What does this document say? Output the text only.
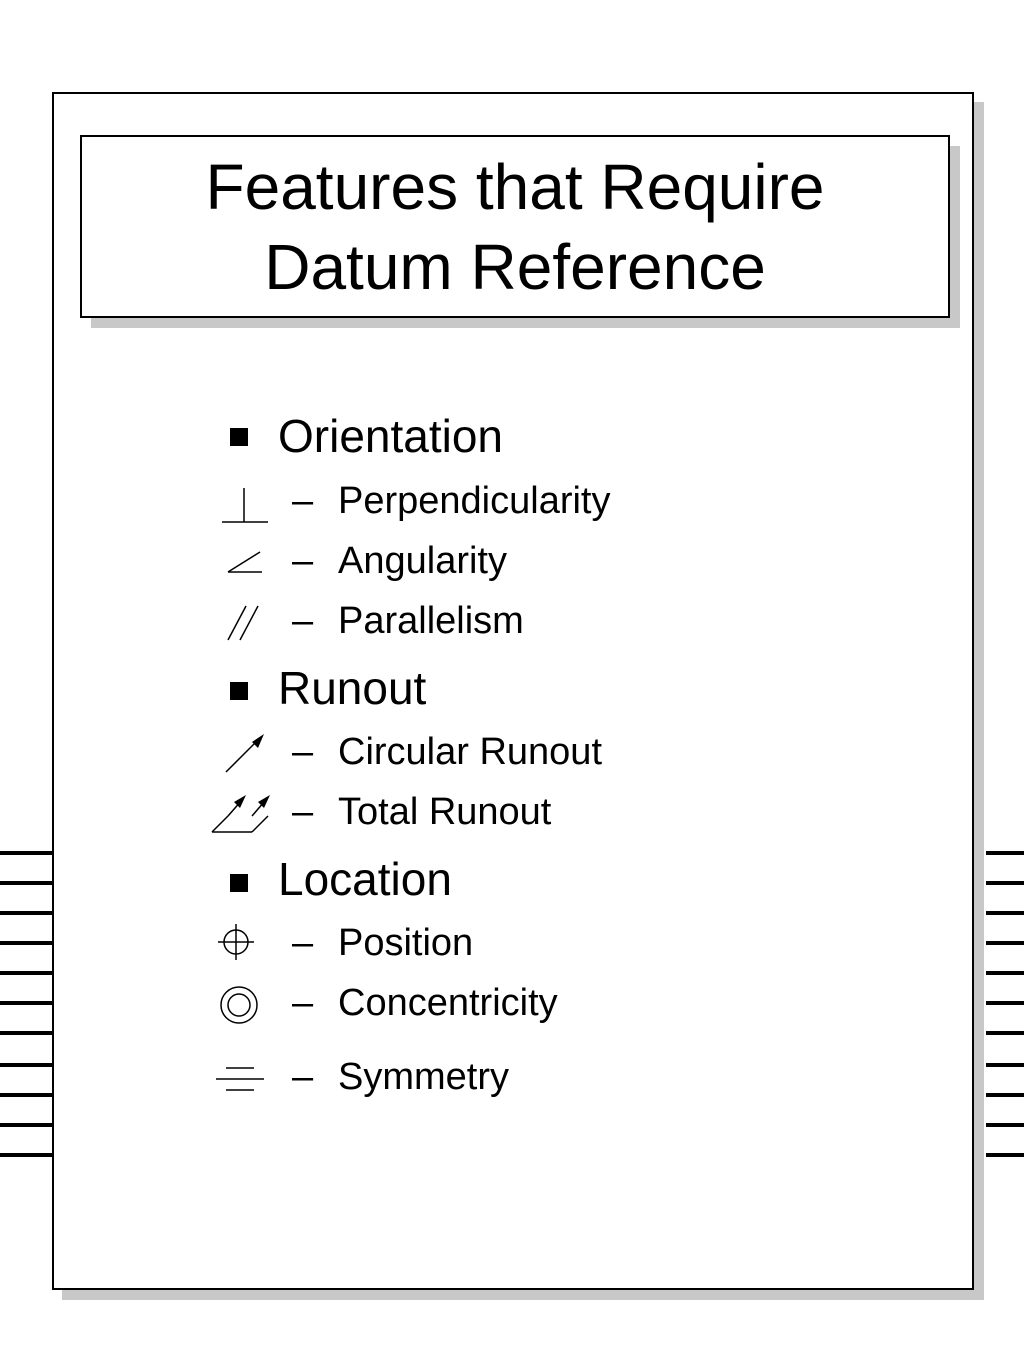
Features that Require
Datum Reference
Orientation
– Perpendicularity
– Angularity
– Parallelism
Runout
– Circular Runout
– Total Runout
Location
– Position
– Concentricity
– Symmetry
